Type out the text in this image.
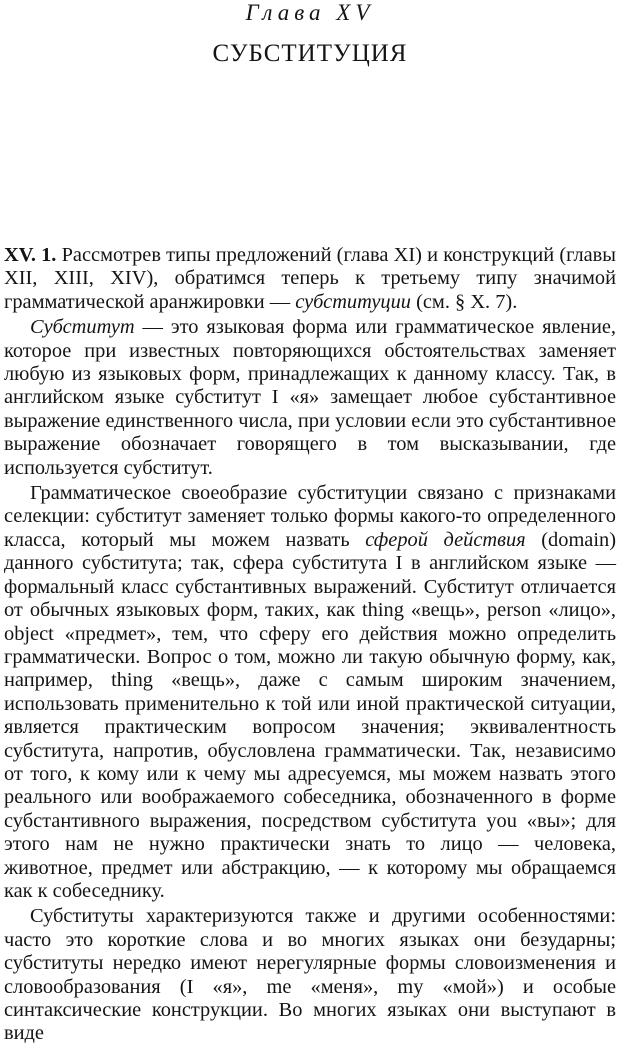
Глава XV
СУБСТИТУЦИЯ

XV. 1. Рассмотрев типы предложений (глава XI) и конструкций (главы XII, XIII, XIV), обратимся теперь к третьему типу значимой грамматической аранжировки — субституции (см. § X. 7).

Субститут — это языковая форма или грамматическое явление, которое при известных повторяющихся обстоятельствах заменяет любую из языковых форм, принадлежащих к данному классу. Так, в английском языке субститут I «я» замещает любое субстантивное выражение единственного числа, при условии если это субстантивное выражение обозначает говорящего в том высказывании, где используется субститут.

Грамматическое своеобразие субституции связано с признаками селекции: субститут заменяет только формы какого-то определенного класса, который мы можем назвать сферой действия (domain) данного субститута; так, сфера субститута I в английском языке — формальный класс субстантивных выражений. Субститут отличается от обычных языковых форм, таких, как thing «вещь», person «лицо», object «предмет», тем, что сферу его действия можно определить грамматически. Вопрос о том, можно ли такую обычную форму, как, например, thing «вещь», даже с самым широким значением, использовать применительно к той или иной практической ситуации, является практическим вопросом значения; эквивалентность субститута, напротив, обусловлена грамматически. Так, независимо от того, к кому или к чему мы адресуемся, мы можем назвать этого реального или воображаемого собеседника, обозначенного в форме субстантивного выражения, посредством субститута you «вы»; для этого нам не нужно практически знать то лицо — человека, животное, предмет или абстракцию, — к которому мы обращаемся как к собеседнику.

Субституты характеризуются также и другими особенностями: часто это короткие слова и во многих языках они безударны; субституты нередко имеют нерегулярные формы словоизменения и словообразования (I «я», me «меня», my «мой») и особые синтаксические конструкции. Во многих языках они выступают в виде
